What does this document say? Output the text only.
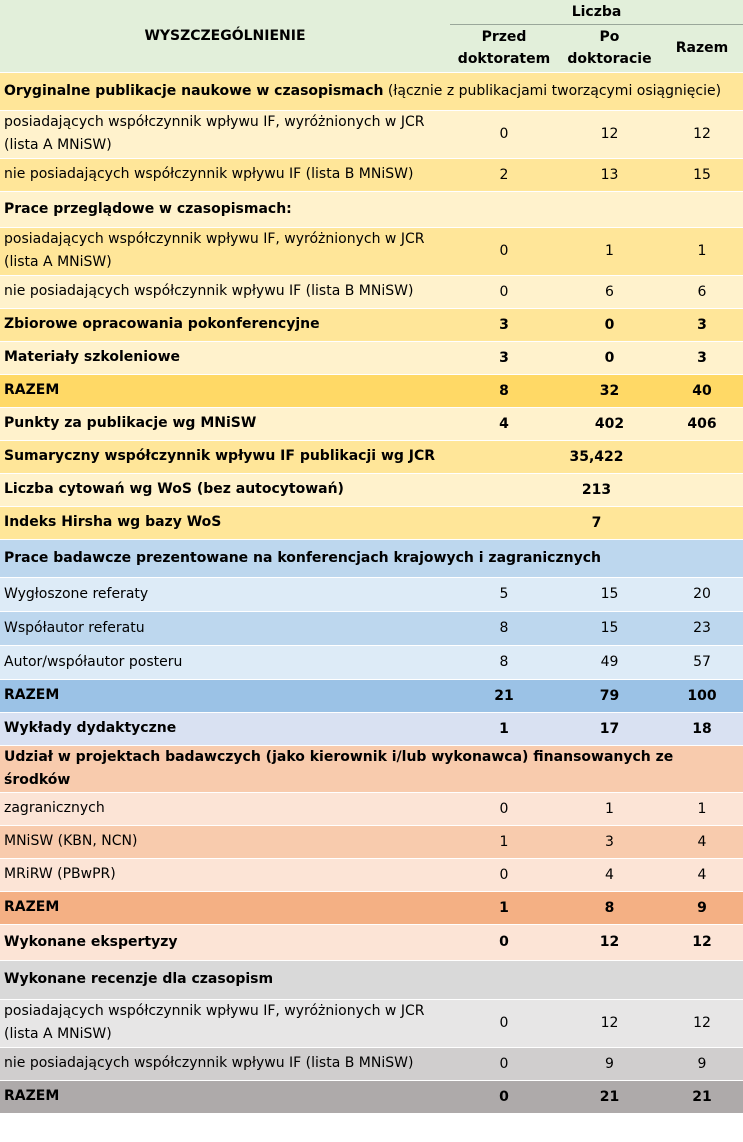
WYSZCZEGÓLNIENIE	Liczba		
	Przed doktoratem	Po doktoracie	Razem
Oryginalne publikacje naukowe w czasopismach (łącznie z publikacjami tworzącymi osiągnięcie)			
posiadających współczynnik wpływu IF, wyróżnionych w JCR (lista A MNiSW)	0	12	12
nie posiadających współczynnik wpływu IF (lista B MNiSW)	2	13	15
Prace przeglądowe w czasopismach:			
posiadających współczynnik wpływu IF, wyróżnionych w JCR (lista A MNiSW)	0	1	1
nie posiadających współczynnik wpływu IF (lista B MNiSW)	0	6	6
Zbiorowe opracowania pokonferencyjne	3	0	3
Materiały szkoleniowe	3	0	3
RAZEM	8	32	40
Punkty za publikacje wg MNiSW	4	402	406
Sumaryczny współczynnik wpływu IF publikacji wg JCR	35,422		
Liczba cytowań wg WoS (bez autocytowań)	213		
Indeks Hirsha wg bazy WoS	7		
Prace badawcze prezentowane na konferencjach krajowych i zagranicznych			
Wygłoszone referaty	5	15	20
Współautor referatu	8	15	23
Autor/współautor posteru	8	49	57
RAZEM	21	79	100
Wykłady dydaktyczne	1	17	18
Udział w projektach badawczych (jako kierownik i/lub wykonawca) finansowanych ze środków			
zagranicznych	0	1	1
MNiSW (KBN, NCN)	1	3	4
MRiRW (PBwPR)	0	4	4
RAZEM	1	8	9
Wykonane ekspertyzy	0	12	12
Wykonane recenzje dla czasopism			
posiadających współczynnik wpływu IF, wyróżnionych w JCR (lista A MNiSW)	0	12	12
nie posiadających współczynnik wpływu IF (lista B MNiSW)	0	9	9
RAZEM	0	21	21
